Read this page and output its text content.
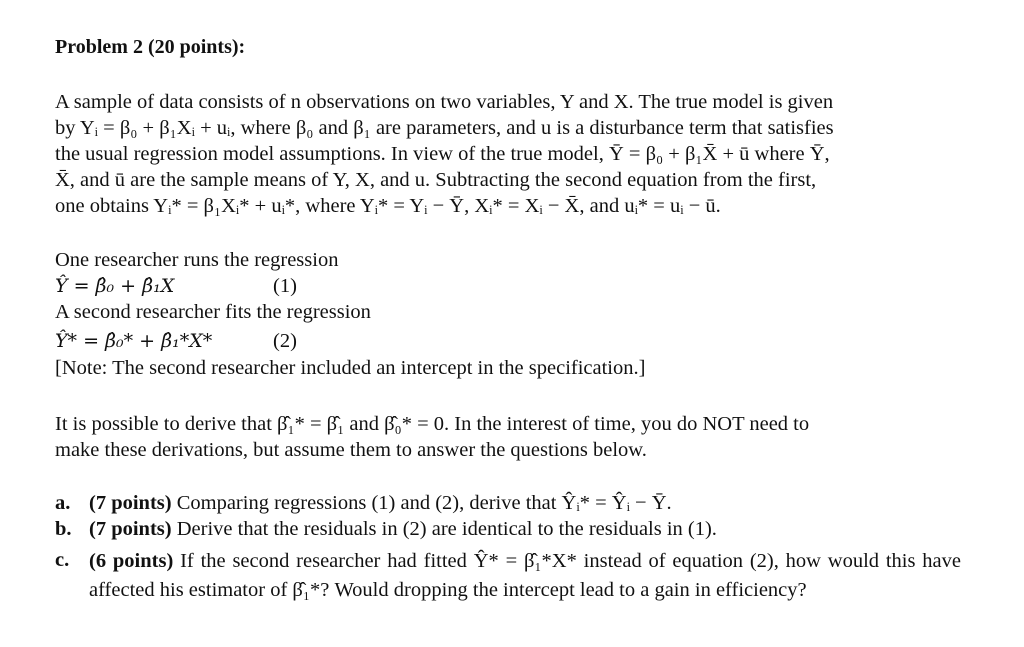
Problem 2 (20 points):
A sample of data consists of n observations on two variables, Y and X. The true model is given
by Yᵢ = β₀ + β₁Xᵢ + uᵢ, where β₀ and β₁ are parameters, and u is a disturbance term that satisfies
the usual regression model assumptions. In view of the true model, Ȳ = β₀ + β₁X̄ + ū where Ȳ,
X̄, and ū are the sample means of Y, X, and u. Subtracting the second equation from the first,
one obtains Yᵢ* = β₁Xᵢ* + uᵢ*, where Yᵢ* = Yᵢ − Ȳ, Xᵢ* = Xᵢ − X̄, and uᵢ* = uᵢ − ū.
One researcher runs the regression
Ŷ = β̂₀ + β̂₁X	(1)
A second researcher fits the regression
Ŷ* = β̂₀* + β̂₁*X*	(2)
[Note: The second researcher included an intercept in the specification.]
It is possible to derive that β̂₁* = β̂₁ and β̂₀* = 0. In the interest of time, you do NOT need to
make these derivations, but assume them to answer the questions below.
a. (7 points) Comparing regressions (1) and (2), derive that Ŷᵢ* = Ŷᵢ − Ȳ.
b. (7 points) Derive that the residuals in (2) are identical to the residuals in (1).
c. (6 points) If the second researcher had fitted Ŷ* = β̂₁*X* instead of equation (2), how would this have affected his estimator of β̂₁*? Would dropping the intercept lead to a gain in efficiency?
